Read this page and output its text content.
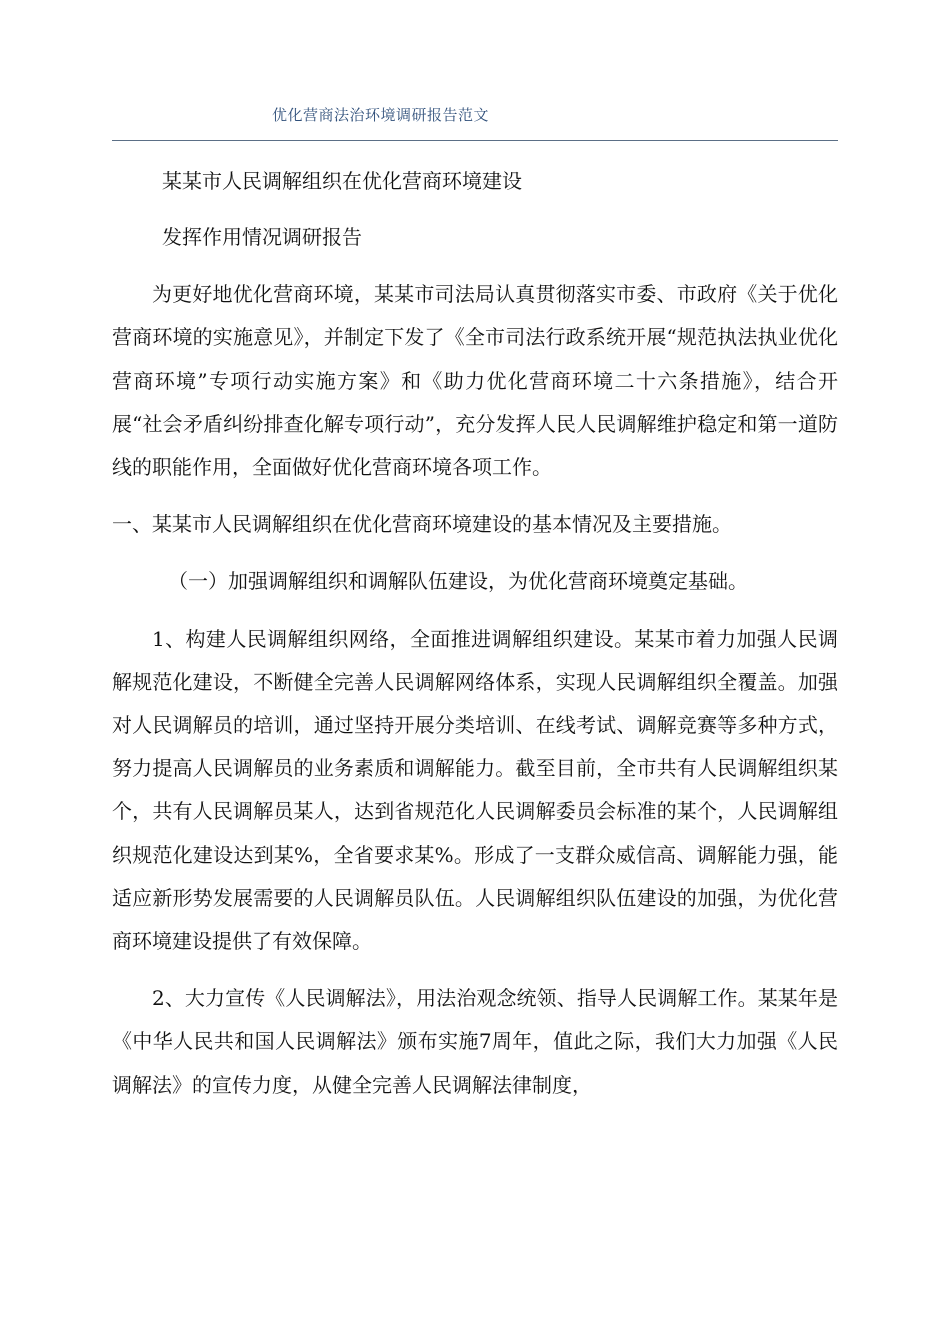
优化营商法治环境调研报告范文

某某市人民调解组织在优化营商环境建设

发挥作用情况调研报告

为更好地优化营商环境，某某市司法局认真贯彻落实市委、市政府《关于优化营商环境的实施意见》，并制定下发了《全市司法行政系统开展“规范执法执业优化营商环境”专项行动实施方案》和《助力优化营商环境二十六条措施》，结合开展“社会矛盾纠纷排查化解专项行动”，充分发挥人民人民调解维护稳定和第一道防线的职能作用，全面做好优化营商环境各项工作。

一、某某市人民调解组织在优化营商环境建设的基本情况及主要措施。

（一）加强调解组织和调解队伍建设，为优化营商环境奠定基础。

1、构建人民调解组织网络，全面推进调解组织建设。某某市着力加强人民调解规范化建设，不断健全完善人民调解网络体系，实现人民调解组织全覆盖。加强对人民调解员的培训，通过坚持开展分类培训、在线考试、调解竞赛等多种方式，努力提高人民调解员的业务素质和调解能力。截至目前，全市共有人民调解组织某个，共有人民调解员某人，达到省规范化人民调解委员会标准的某个，人民调解组织规范化建设达到某%，全省要求某%。形成了一支群众威信高、调解能力强，能适应新形势发展需要的人民调解员队伍。人民调解组织队伍建设的加强，为优化营商环境建设提供了有效保障。

2、大力宣传《人民调解法》，用法治观念统领、指导人民调解工作。某某年是《中华人民共和国人民调解法》颁布实施7周年，值此之际，我们大力加强《人民调解法》的宣传力度，从健全完善人民调解法律制度，
